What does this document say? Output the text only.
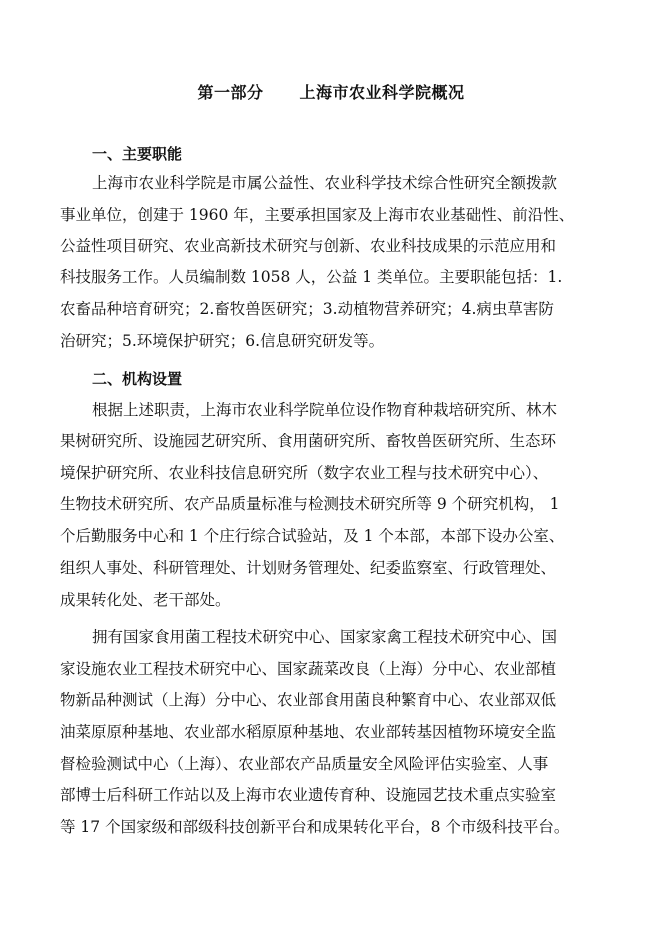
第一部分 上海市农业科学院概况
一、主要职能
上海市农业科学院是市属公益性、农业科学技术综合性研究全额拨款
事业单位，创建于 1960 年，主要承担国家及上海市农业基础性、前沿性、
公益性项目研究、农业高新技术研究与创新、农业科技成果的示范应用和
科技服务工作。人员编制数 1058 人，公益 1 类单位。主要职能包括：1.
农畜品种培育研究；2.畜牧兽医研究；3.动植物营养研究；4.病虫草害防
治研究；5.环境保护研究；6.信息研究研发等。
二、机构设置
根据上述职责，上海市农业科学院单位设作物育种栽培研究所、林木
果树研究所、设施园艺研究所、食用菌研究所、畜牧兽医研究所、生态环
境保护研究所、农业科技信息研究所（数字农业工程与技术研究中心）、
生物技术研究所、农产品质量标准与检测技术研究所等 9 个研究机构， 1
个后勤服务中心和 1 个庄行综合试验站，及 1 个本部，本部下设办公室、
组织人事处、科研管理处、计划财务管理处、纪委监察室、行政管理处、
成果转化处、老干部处。
拥有国家食用菌工程技术研究中心、国家家禽工程技术研究中心、国
家设施农业工程技术研究中心、国家蔬菜改良（上海）分中心、农业部植
物新品种测试（上海）分中心、农业部食用菌良种繁育中心、农业部双低
油菜原原种基地、农业部水稻原原种基地、农业部转基因植物环境安全监
督检验测试中心（上海）、农业部农产品质量安全风险评估实验室、人事
部博士后科研工作站以及上海市农业遗传育种、设施园艺技术重点实验室
等 17 个国家级和部级科技创新平台和成果转化平台，8 个市级科技平台。
